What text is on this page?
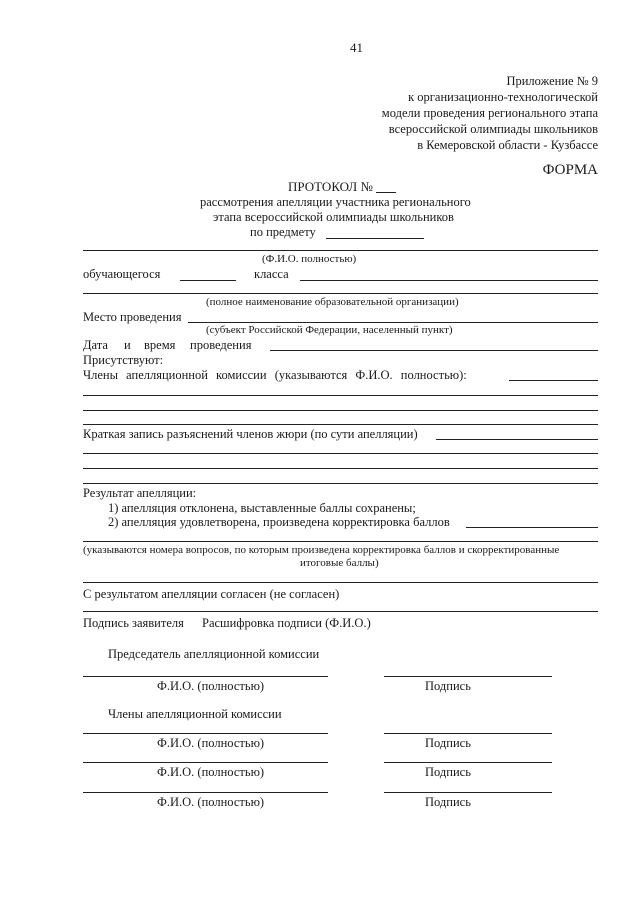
41
Приложение № 9
к организационно-технологической
модели проведения регионального этапа
всероссийской олимпиады школьников
в Кемеровской области - Кузбассе
ФОРМА
ПРОТОКОЛ №
рассмотрения апелляции участника регионального
этапа всероссийской олимпиады школьников
по предмету
(Ф.И.О. полностью)
обучающегося	класса
(полное наименование образовательной организации)
Место проведения
(субъект Российской Федерации, населенный пункт)
Дата и время проведения
Присутствуют:
Члены апелляционной комиссии (указываются Ф.И.О. полностью):
Краткая запись разъяснений членов жюри (по сути апелляции)
Результат апелляции:
1) апелляция отклонена, выставленные баллы сохранены;
2) апелляция удовлетворена, произведена корректировка баллов
(указываются номера вопросов, по которым произведена корректировка баллов и скорректированные
итоговые баллы)
С результатом апелляции согласен (не согласен)
Подпись заявителя Расшифровка подписи (Ф.И.О.)
Председатель апелляционной комиссии
Ф.И.О. (полностью)	Подпись
Члены апелляционной комиссии
Ф.И.О. (полностью)	Подпись
Ф.И.О. (полностью)	Подпись
Ф.И.О. (полностью)	Подпись
